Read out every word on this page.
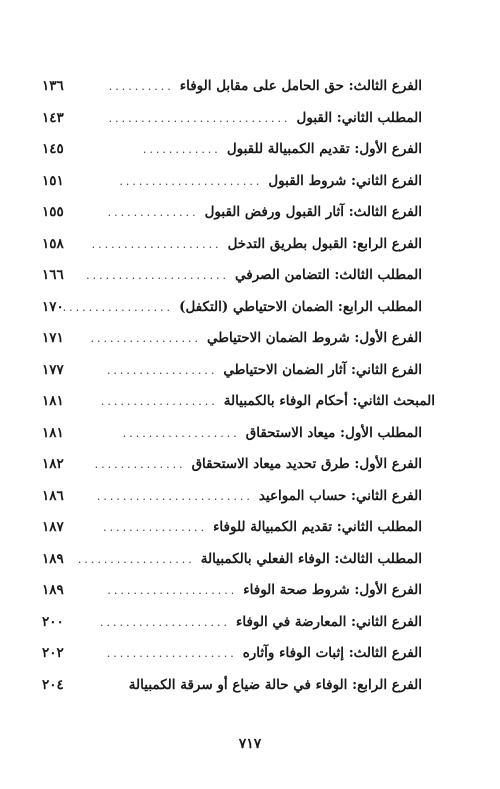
الفرع الثالث: حق الحامل على مقابل الوفاء
..........
١٣٦
المطلب الثاني: القبول
............................
١٤٣
الفرع الأول: تقديم الكمبيالة للقبول
............
١٤٥
الفرع الثاني: شروط القبول
......................
١٥١
الفرع الثالث: آثار القبول ورفض القبول
..............
١٥٥
الفرع الرابع: القبول بطريق التدخل
....................
١٥٨
المطلب الثالث: التضامن الصرفي
......................
١٦٦
المطلب الرابع: الضمان الاحتياطي (التكفل)
.................
١٧٠
الفرع الأول: شروط الضمان الاحتياطي
.................
١٧١
الفرع الثاني: آثار الضمان الاحتياطي
.................
١٧٧
المبحث الثاني: أحكام الوفاء بالكمبيالة
..................
١٨١
المطلب الأول: ميعاد الاستحقاق
..................
١٨١
الفرع الأول: طرق تحديد ميعاد الاستحقاق
..............
١٨٢
الفرع الثاني: حساب المواعيد
........................
١٨٦
المطلب الثاني: تقديم الكمبيالة للوفاء
................
١٨٧
المطلب الثالث: الوفاء الفعلي بالكمبيالة
..................
١٨٩
الفرع الأول: شروط صحة الوفاء
....................
١٨٩
الفرع الثاني: المعارضة في الوفاء
....................
٢٠٠
الفرع الثالث: إثبات الوفاء وآثاره
....................
٢٠٢
الفرع الرابع: الوفاء في حالة ضياع أو سرقة الكمبيالة
٢٠٤
٧١٧
